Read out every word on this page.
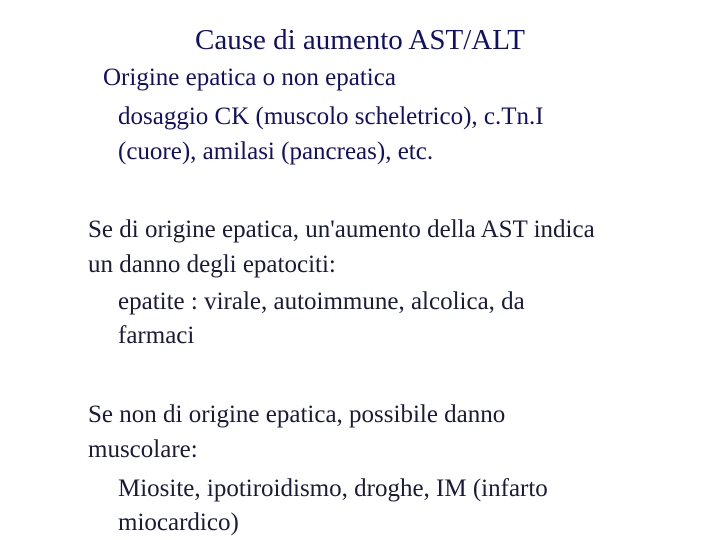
Cause di aumento AST/ALT
Origine epatica o non epatica
dosaggio CK (muscolo scheletrico), c.Tn.I
(cuore), amilasi (pancreas), etc.
Se di origine epatica, un'aumento della AST indica
un danno degli epatociti:
epatite : virale, autoimmune, alcolica, da
farmaci
Se non di origine epatica, possibile danno
muscolare:
Miosite, ipotiroidismo, droghe, IM (infarto
miocardico)
